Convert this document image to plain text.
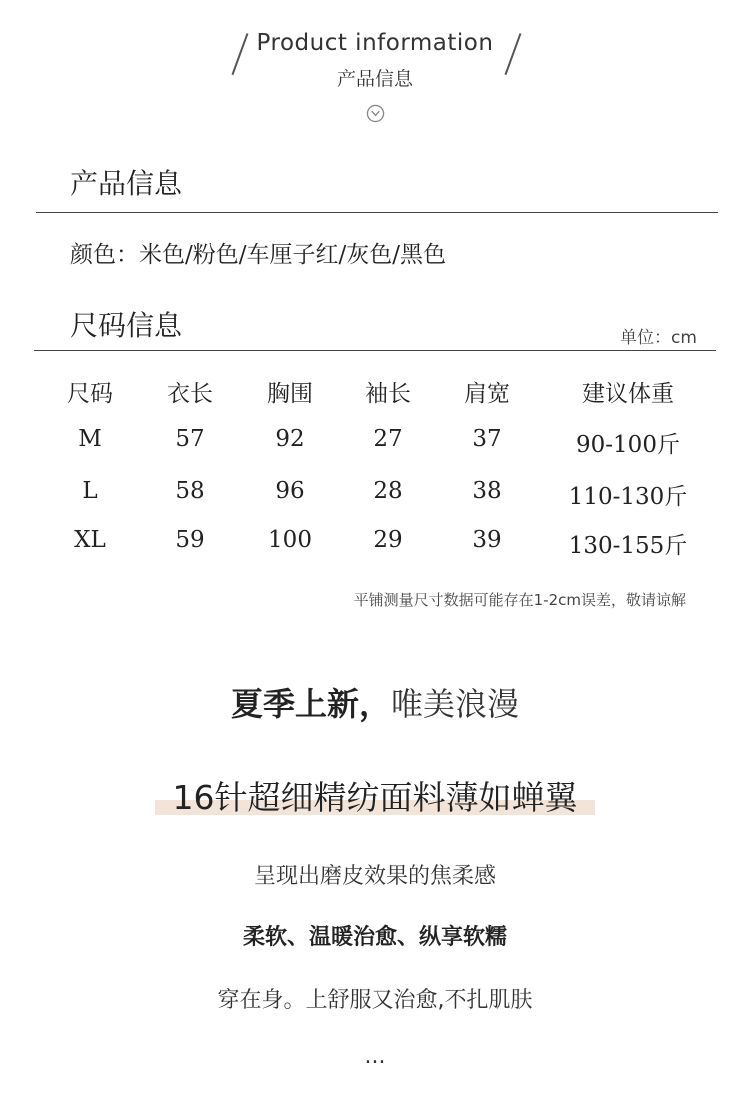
Product information
产品信息
产品信息
颜色：米色/粉色/车厘子红/灰色/黑色
尺码信息	单位：cm
尺码	衣长	胸围	袖长	肩宽	建议体重
M	57	92	27	37	90-100斤
L	58	96	28	38	110-130斤
XL	59	100	29	39	130-155斤
平铺测量尺寸数据可能存在1-2cm误差，敬请谅解
夏季上新，唯美浪漫
16针超细精纺面料薄如蝉翼
呈现出磨皮效果的焦柔感
柔软、温暖治愈、纵享软糯
穿在身。上舒服又治愈,不扎肌肤
...
